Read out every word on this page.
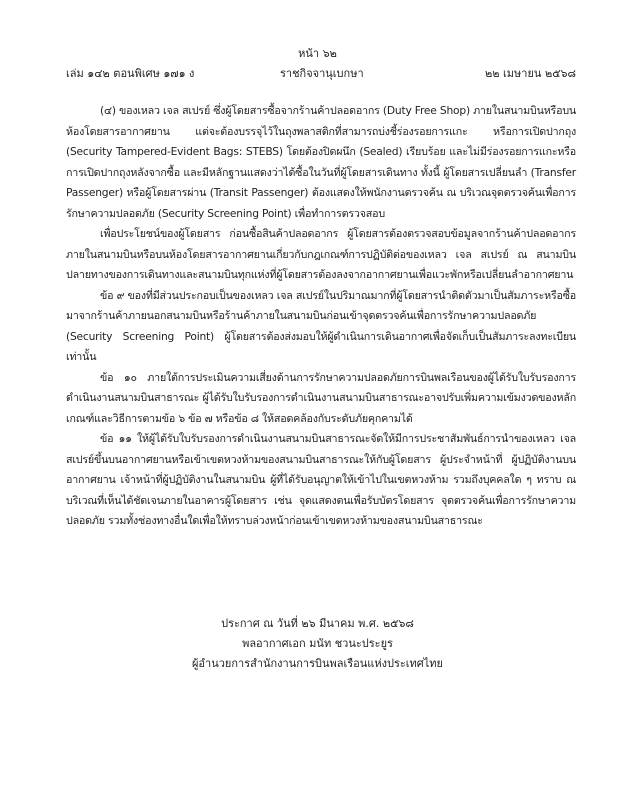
หน้า ๖๒
เล่ม ๑๔๒ ตอนพิเศษ ๑๗๑ ง	ราชกิจจานุเบกษา	๒๒ เมษายน ๒๕๖๘

(๔) ของเหลว เจล สเปรย์ ซึ่งผู้โดยสารซื้อจากร้านค้าปลอดอากร (Duty Free Shop) ภายในสนามบินหรือบนห้องโดยสารอากาศยาน แต่จะต้องบรรจุไว้ในถุงพลาสติกที่สามารถบ่งชี้ร่องรอยการแกะ หรือการเปิดปากถุง (Security Tampered-Evident Bags: STEBS) โดยต้องปิดผนึก (Sealed) เรียบร้อย และไม่มีร่องรอยการแกะหรือการเปิดปากถุงหลังจากซื้อ และมีหลักฐานแสดงว่าได้ซื้อในวันที่ผู้โดยสารเดินทาง ทั้งนี้ ผู้โดยสารเปลี่ยนลำ (Transfer Passenger) หรือผู้โดยสารผ่าน (Transit Passenger) ต้องแสดงให้พนักงานตรวจค้น ณ บริเวณจุดตรวจค้นเพื่อการรักษาความปลอดภัย (Security Screening Point) เพื่อทำการตรวจสอบ

เพื่อประโยชน์ของผู้โดยสาร ก่อนซื้อสินค้าปลอดอากร ผู้โดยสารต้องตรวจสอบข้อมูลจากร้านค้าปลอดอากรภายในสนามบินหรือบนห้องโดยสารอากาศยานเกี่ยวกับกฎเกณฑ์การปฏิบัติต่อของเหลว เจล สเปรย์ ณ สนามบินปลายทางของการเดินทางและสนามบินทุกแห่งที่ผู้โดยสารต้องลงจากอากาศยานเพื่อแวะพักหรือเปลี่ยนลำอากาศยาน

ข้อ ๙ ของที่มีส่วนประกอบเป็นของเหลว เจล สเปรย์ในปริมาณมากที่ผู้โดยสารนำติดตัวมาเป็นสัมภาระหรือซื้อมาจากร้านค้าภายนอกสนามบินหรือร้านค้าภายในสนามบินก่อนเข้าจุดตรวจค้นเพื่อการรักษาความปลอดภัย (Security Screening Point) ผู้โดยสารต้องส่งมอบให้ผู้ดำเนินการเดินอากาศเพื่อจัดเก็บเป็นสัมภาระลงทะเบียนเท่านั้น

ข้อ ๑๐ ภายใต้การประเมินความเสี่ยงด้านการรักษาความปลอดภัยการบินพลเรือนของผู้ได้รับใบรับรองการดำเนินงานสนามบินสาธารณะ ผู้ได้รับใบรับรองการดำเนินงานสนามบินสาธารณะอาจปรับเพิ่มความเข้มงวดของหลักเกณฑ์และวิธีการตามข้อ ๖ ข้อ ๗ หรือข้อ ๘ ให้สอดคล้องกับระดับภัยคุกคามได้

ข้อ ๑๑ ให้ผู้ได้รับใบรับรองการดำเนินงานสนามบินสาธารณะจัดให้มีการประชาสัมพันธ์การนำของเหลว เจล สเปรย์ขึ้นบนอากาศยานหรือเข้าเขตหวงห้ามของสนามบินสาธารณะให้กับผู้โดยสาร ผู้ประจำหน้าที่ ผู้ปฏิบัติงานบนอากาศยาน เจ้าหน้าที่ผู้ปฏิบัติงานในสนามบิน ผู้ที่ได้รับอนุญาตให้เข้าไปในเขตหวงห้าม รวมถึงบุคคลใด ๆ ทราบ ณ บริเวณที่เห็นได้ชัดเจนภายในอาคารผู้โดยสาร เช่น จุดแสดงตนเพื่อรับบัตรโดยสาร จุดตรวจค้นเพื่อการรักษาความปลอดภัย รวมทั้งช่องทางอื่นใดเพื่อให้ทราบล่วงหน้าก่อนเข้าเขตหวงห้ามของสนามบินสาธารณะ

ประกาศ ณ วันที่ ๒๖ มีนาคม พ.ศ. ๒๕๖๘
พลอากาศเอก มนัท ชวนะประยูร
ผู้อำนวยการสำนักงานการบินพลเรือนแห่งประเทศไทย
